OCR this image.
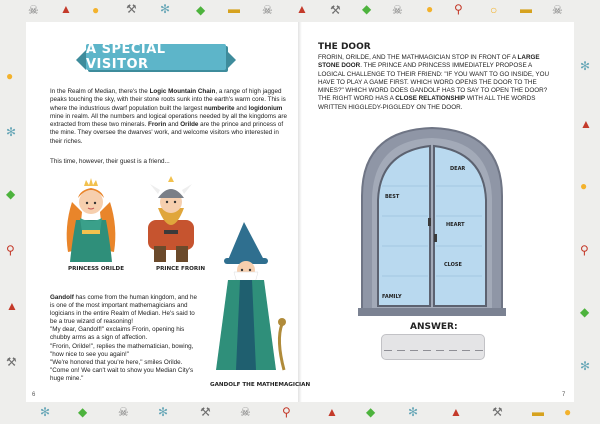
☠ ▲ ● ⚒ ✻ ◆ ▬ ☠ ▲ ⚒ ◆ ☠ ● ⚲ ○ ▬ ☠
●
✻
◆
⚲
▲
⚒
✻
▲
●
⚲
◆
✻
✻ ◆	☠ ✻	⚒ ☠	⚲	▲ ◆	✻	▲	⚒ ▬ ●
A SPECIAL VISITOR

In the Realm of Median, there's the Logic Mountain Chain, a range of high jagged peaks touching the sky, with their stone roots sunk into the earth's warm core. This is where the industrious dwarf population built the largest numberite and logidonium mine in realm. All the numbers and logical operations needed by all the kingdoms are extracted from these two minerals. Frorin and Orilde are the prince and princess of the mine. They oversee the dwarves' work, and welcome visitors who interested in their riches.

This time, however, their guest is a friend...
PRINCESS ORILDE	PRINCE FRORIN
GANDOLF THE MATHEMAGICIAN

Gandolf has come from the human kingdom, and he is one of the most important mathemagicians and logicians in the entire Realm of Median. He's said to be a true wizard of reasoning!

"My dear, Gandolf!" exclaims Frorin, opening his chubby arms as a sign of affection.

"Frorin, Orilde!", replies the mathematician, bowing, "how nice to see you again!"

"We're honored that you're here," smiles Orilde. "Come on! We can't wait to show you Median City's huge mine."

6
THE DOOR
FRORIN, ORILDE, AND THE MATHMAGICIAN STOP IN FRONT OF A LARGE STONE DOOR. THE PRINCE AND PRINCESS IMMEDIATELY PROPOSE A LOGICAL CHALLENGE TO THEIR FRIEND: "IF YOU WANT TO GO INSIDE, YOU HAVE TO PLAY A GAME FIRST. WHICH WORD OPENS THE DOOR TO THE MINES?" WHICH WORD DOES GANDOLF HAS TO SAY TO OPEN THE DOOR? THE RIGHT WORD HAS A CLOSE RELATIONSHIP WITH ALL THE WORDS WRITTEN HIGGLEDY-PIGGLEDY ON THE DOOR.
BEST
FAMILY
DEAR
HEART
CLOSE
ANSWER:
7
